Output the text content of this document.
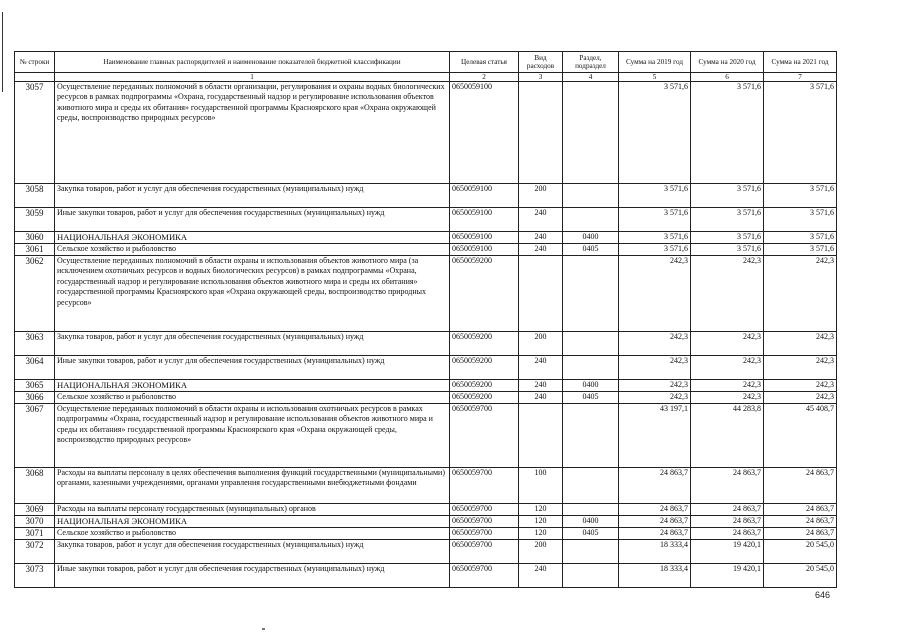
№ строки	Наименование главных распорядителей и наименование показателей бюджетной классификации	Целевая статья	Вид расходов	Раздел, подраздел	Сумма на 2019 год	Сумма на 2020 год	Сумма на 2021 год
	1	2	3	4	5	6	7
3057	Осуществление переданных полномочий в области организации, регулирования и охраны водных биологических ресурсов в рамках подпрограммы «Охрана, государственный надзор и регулирование использования объектов животного мира и среды их обитания» государственной программы Красноярского края «Охрана окружающей среды, воспроизводство природных ресурсов»	0650059100			3 571,6	3 571,6	3 571,6
3058	Закупка товаров, работ и услуг для обеспечения государственных (муниципальных) нужд	0650059100	200		3 571,6	3 571,6	3 571,6
3059	Иные закупки товаров, работ и услуг для обеспечения государственных (муниципальных) нужд	0650059100	240		3 571,6	3 571,6	3 571,6
3060	НАЦИОНАЛЬНАЯ ЭКОНОМИКА	0650059100	240	0400	3 571,6	3 571,6	3 571,6
3061	Сельское хозяйство и рыболовство	0650059100	240	0405	3 571,6	3 571,6	3 571,6
3062	Осуществление переданных полномочий в области охраны и использования объектов животного мира (за исключением охотничьих ресурсов и водных биологических ресурсов) в рамках подпрограммы «Охрана, государственный надзор и регулирование использования объектов животного мира и среды их обитания» государственной программы Красноярского края «Охрана окружающей среды, воспроизводство природных ресурсов»	0650059200			242,3	242,3	242,3
3063	Закупка товаров, работ и услуг для обеспечения государственных (муниципальных) нужд	0650059200	200		242,3	242,3	242,3
3064	Иные закупки товаров, работ и услуг для обеспечения государственных (муниципальных) нужд	0650059200	240		242,3	242,3	242,3
3065	НАЦИОНАЛЬНАЯ ЭКОНОМИКА	0650059200	240	0400	242,3	242,3	242,3
3066	Сельское хозяйство и рыболовство	0650059200	240	0405	242,3	242,3	242,3
3067	Осуществление переданных полномочий в области охраны и использования охотничьих ресурсов в рамках подпрограммы «Охрана, государственный надзор и регулирование использования объектов животного мира и среды их обитания» государственной программы Красноярского края «Охрана окружающей среды, воспроизводство природных ресурсов»	0650059700			43 197,1	44 283,8	45 408,7
3068	Расходы на выплаты персоналу в целях обеспечения выполнения функций государственными (муниципальными) органами, казенными учреждениями, органами управления государственными внебюджетными фондами	0650059700	100		24 863,7	24 863,7	24 863,7
3069	Расходы на выплаты персоналу государственных (муниципальных) органов	0650059700	120		24 863,7	24 863,7	24 863,7
3070	НАЦИОНАЛЬНАЯ ЭКОНОМИКА	0650059700	120	0400	24 863,7	24 863,7	24 863,7
3071	Сельское хозяйство и рыболовство	0650059700	120	0405	24 863,7	24 863,7	24 863,7
3072	Закупка товаров, работ и услуг для обеспечения государственных (муниципальных) нужд	0650059700	200		18 333,4	19 420,1	20 545,0
3073	Иные закупки товаров, работ и услуг для обеспечения государственных (муниципальных) нужд	0650059700	240		18 333,4	19 420,1	20 545,0
646
